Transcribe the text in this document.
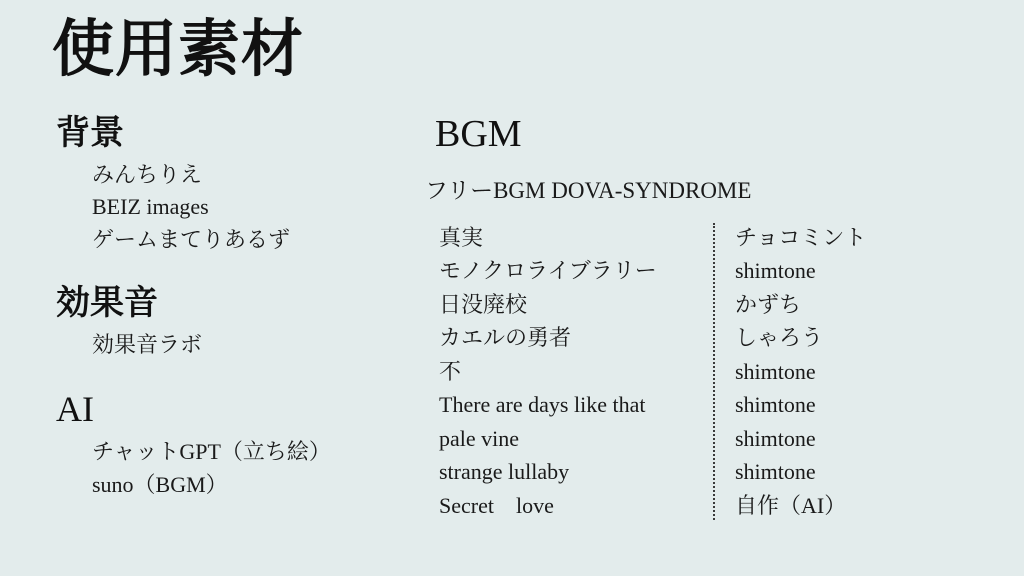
使用素材
背景
みんちりえ
BEIZ images
ゲームまてりあるず
効果音
効果音ラボ
AI
チャットGPT（立ち絵）
suno（BGM）
BGM
フリーBGM DOVA-SYNDROME
真実
モノクロライブラリー
日没廃校
カエルの勇者
不
There are days like that
pale vine
strange lullaby
Secret　love
チョコミント
shimtone
かずち
しゃろう
shimtone
shimtone
shimtone
shimtone
自作（AI）
